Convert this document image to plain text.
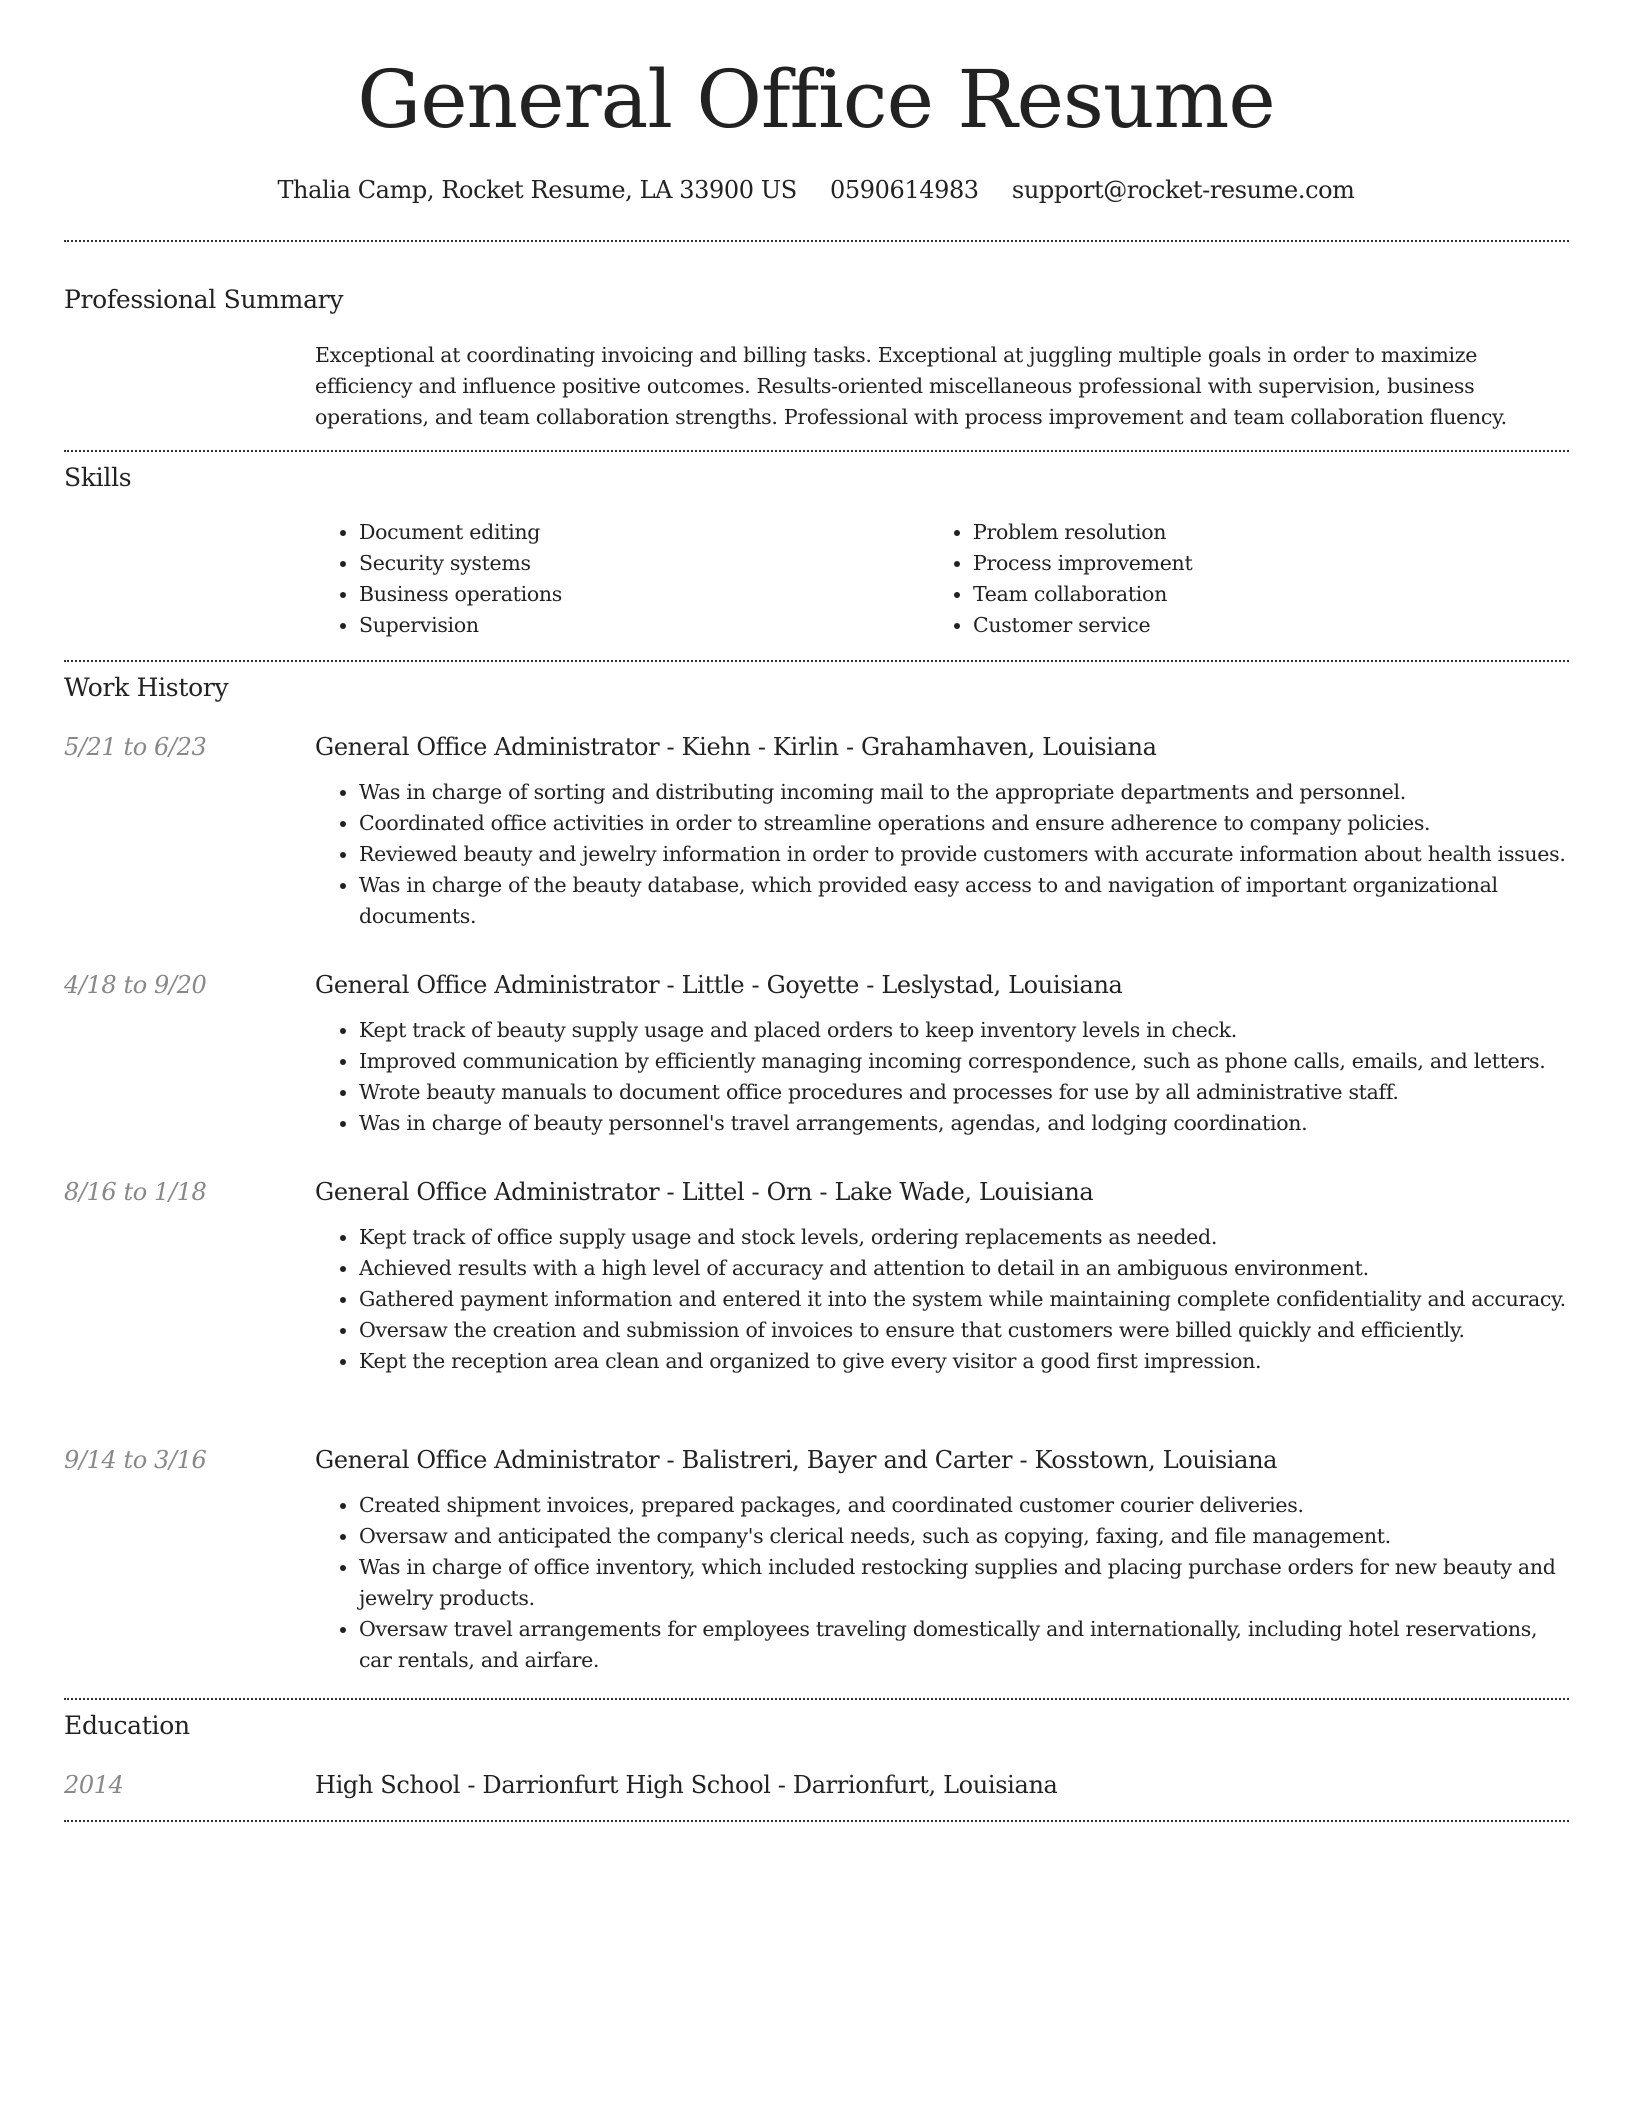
General Office Resume
Thalia Camp, Rocket Resume, LA 33900 US 0590614983 support@rocket-resume.com
Professional Summary

Exceptional at coordinating invoicing and billing tasks. Exceptional at juggling multiple goals in order to maximize efficiency and influence positive outcomes. Results-oriented miscellaneous professional with supervision, business operations, and team collaboration strengths. Professional with process improvement and team collaboration fluency.

Skills
• Document editing
• Security systems
• Business operations
• Supervision
• Problem resolution
• Process improvement
• Team collaboration
• Customer service
Work History
5/21 to 6/23	General Office Administrator - Kiehn - Kirlin - Grahamhaven, Louisiana
• Was in charge of sorting and distributing incoming mail to the appropriate departments and personnel.
• Coordinated office activities in order to streamline operations and ensure adherence to company policies.
• Reviewed beauty and jewelry information in order to provide customers with accurate information about health issues.
• Was in charge of the beauty database, which provided easy access to and navigation of important organizational documents.
4/18 to 9/20	General Office Administrator - Little - Goyette - Leslystad, Louisiana
• Kept track of beauty supply usage and placed orders to keep inventory levels in check.
• Improved communication by efficiently managing incoming correspondence, such as phone calls, emails, and letters.
• Wrote beauty manuals to document office procedures and processes for use by all administrative staff.
• Was in charge of beauty personnel's travel arrangements, agendas, and lodging coordination.
8/16 to 1/18	General Office Administrator - Littel - Orn - Lake Wade, Louisiana
• Kept track of office supply usage and stock levels, ordering replacements as needed.
• Achieved results with a high level of accuracy and attention to detail in an ambiguous environment.
• Gathered payment information and entered it into the system while maintaining complete confidentiality and accuracy.
• Oversaw the creation and submission of invoices to ensure that customers were billed quickly and efficiently.
• Kept the reception area clean and organized to give every visitor a good first impression.
9/14 to 3/16	General Office Administrator - Balistreri, Bayer and Carter - Kosstown, Louisiana
• Created shipment invoices, prepared packages, and coordinated customer courier deliveries.
• Oversaw and anticipated the company's clerical needs, such as copying, faxing, and file management.
• Was in charge of office inventory, which included restocking supplies and placing purchase orders for new beauty and jewelry products.
• Oversaw travel arrangements for employees traveling domestically and internationally, including hotel reservations, car rentals, and airfare.
Education
2014	High School - Darrionfurt High School - Darrionfurt, Louisiana
